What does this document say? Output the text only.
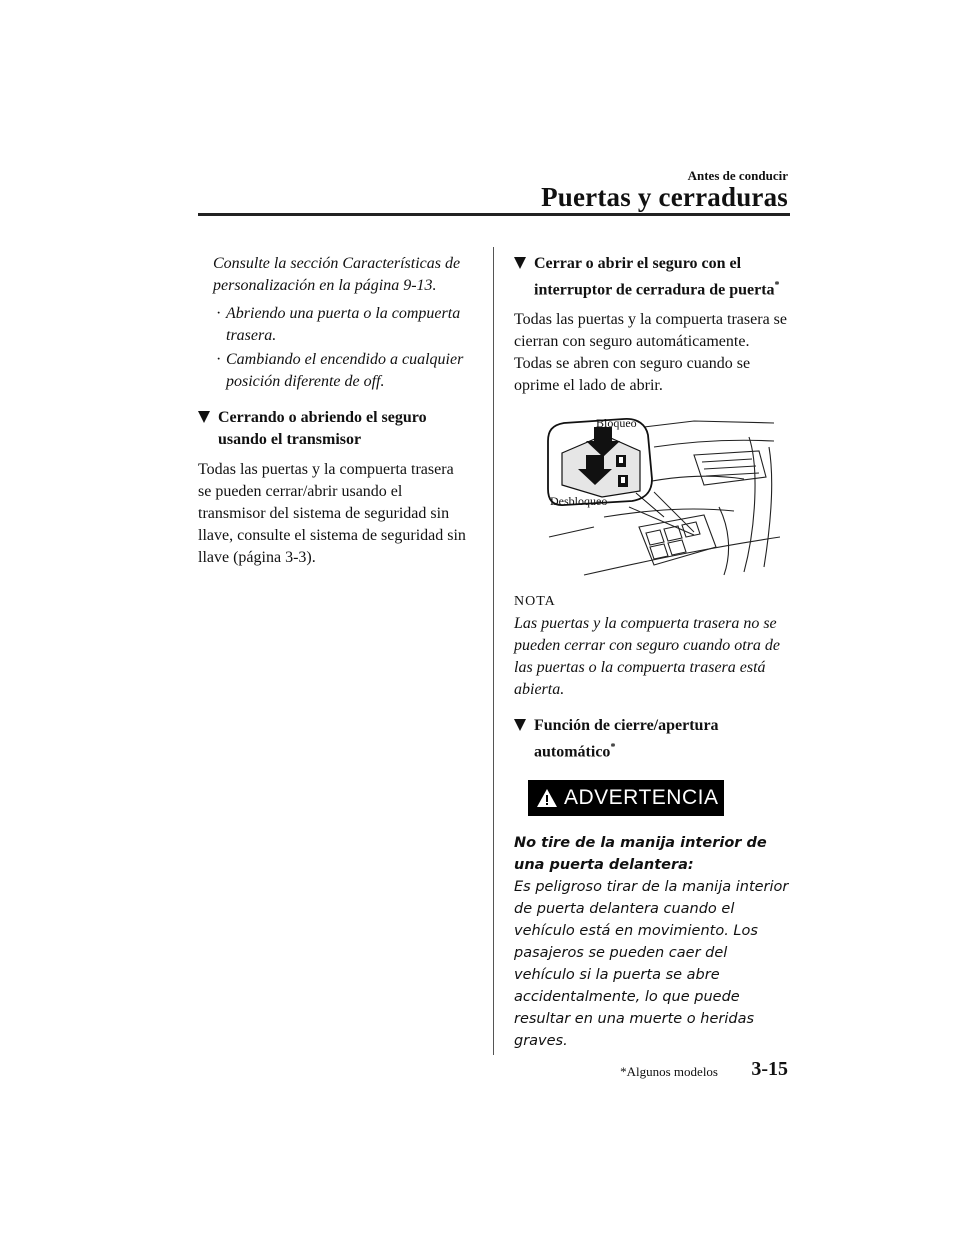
Antes de conducir
Puertas y cerraduras
Consulte la sección Características de personalización en la página 9-13.
· Abriendo una puerta o la compuerta trasera.
· Cambiando el encendido a cualquier posición diferente de off.
Cerrando o abriendo el seguro usando el transmisor
Todas las puertas y la compuerta trasera se pueden cerrar/abrir usando el transmisor del sistema de seguridad sin llave, consulte el sistema de seguridad sin llave (página 3-3).
Cerrar o abrir el seguro con el interruptor de cerradura de puerta*
Todas las puertas y la compuerta trasera se cierran con seguro automáticamente. Todas se abren con seguro cuando se oprime el lado de abrir.
Bloqueo
Desbloqueo
NOTA
Las puertas y la compuerta trasera no se pueden cerrar con seguro cuando otra de las puertas o la compuerta trasera está abierta.
Función de cierre/apertura automático*
ADVERTENCIA
No tire de la manija interior de una puerta delantera:
Es peligroso tirar de la manija interior de puerta delantera cuando el vehículo está en movimiento. Los pasajeros se pueden caer del vehículo si la puerta se abre accidentalmente, lo que puede resultar en una muerte o heridas graves.
*Algunos modelos 3-15
